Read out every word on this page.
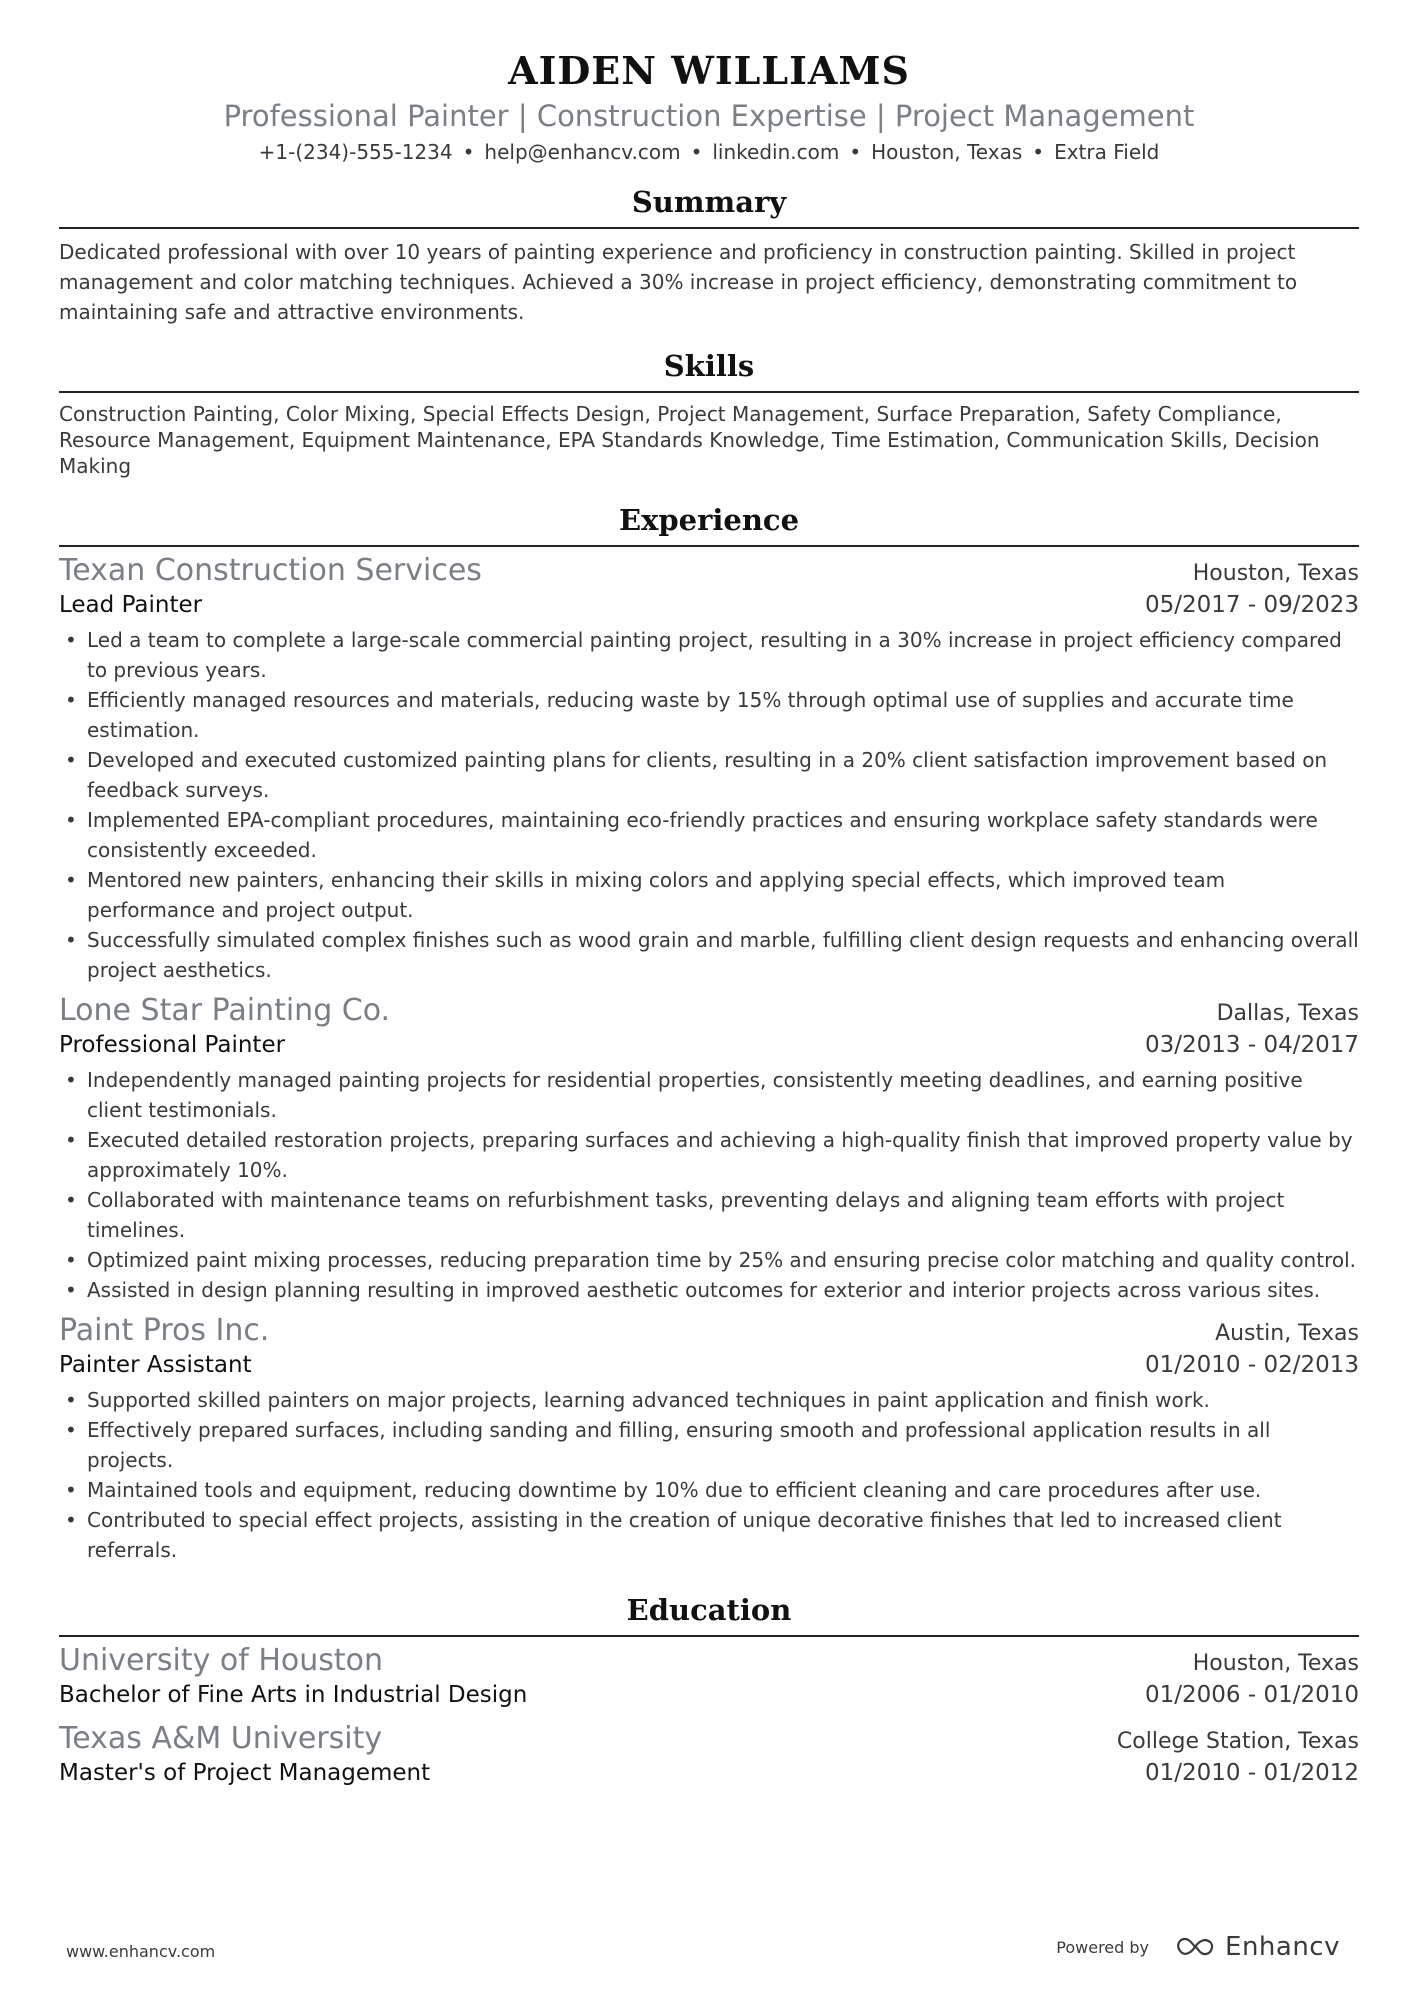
AIDEN WILLIAMS
Professional Painter | Construction Expertise | Project Management
+1-(234)-555-1234 • help@enhancv.com • linkedin.com • Houston, Texas • Extra Field
Summary
Dedicated professional with over 10 years of painting experience and proficiency in construction painting. Skilled in project management and color matching techniques. Achieved a 30% increase in project efficiency, demonstrating commitment to maintaining safe and attractive environments.
Skills
Construction Painting, Color Mixing, Special Effects Design, Project Management, Surface Preparation, Safety Compliance, Resource Management, Equipment Maintenance, EPA Standards Knowledge, Time Estimation, Communication Skills, Decision Making
Experience
Texan Construction Services	Houston, Texas
Lead Painter	05/2017 - 09/2023
• Led a team to complete a large-scale commercial painting project, resulting in a 30% increase in project efficiency compared to previous years.
• Efficiently managed resources and materials, reducing waste by 15% through optimal use of supplies and accurate time estimation.
• Developed and executed customized painting plans for clients, resulting in a 20% client satisfaction improvement based on feedback surveys.
• Implemented EPA-compliant procedures, maintaining eco-friendly practices and ensuring workplace safety standards were consistently exceeded.
• Mentored new painters, enhancing their skills in mixing colors and applying special effects, which improved team performance and project output.
• Successfully simulated complex finishes such as wood grain and marble, fulfilling client design requests and enhancing overall project aesthetics.
Lone Star Painting Co.	Dallas, Texas
Professional Painter	03/2013 - 04/2017
• Independently managed painting projects for residential properties, consistently meeting deadlines, and earning positive client testimonials.
• Executed detailed restoration projects, preparing surfaces and achieving a high-quality finish that improved property value by approximately 10%.
• Collaborated with maintenance teams on refurbishment tasks, preventing delays and aligning team efforts with project timelines.
• Optimized paint mixing processes, reducing preparation time by 25% and ensuring precise color matching and quality control.
• Assisted in design planning resulting in improved aesthetic outcomes for exterior and interior projects across various sites.
Paint Pros Inc.	Austin, Texas
Painter Assistant	01/2010 - 02/2013
• Supported skilled painters on major projects, learning advanced techniques in paint application and finish work.
• Effectively prepared surfaces, including sanding and filling, ensuring smooth and professional application results in all projects.
• Maintained tools and equipment, reducing downtime by 10% due to efficient cleaning and care procedures after use.
• Contributed to special effect projects, assisting in the creation of unique decorative finishes that led to increased client referrals.
Education
University of Houston	Houston, Texas
Bachelor of Fine Arts in Industrial Design	01/2006 - 01/2010
Texas A&M University	College Station, Texas
Master's of Project Management	01/2010 - 01/2012
www.enhancv.com	Powered by	Enhancv
